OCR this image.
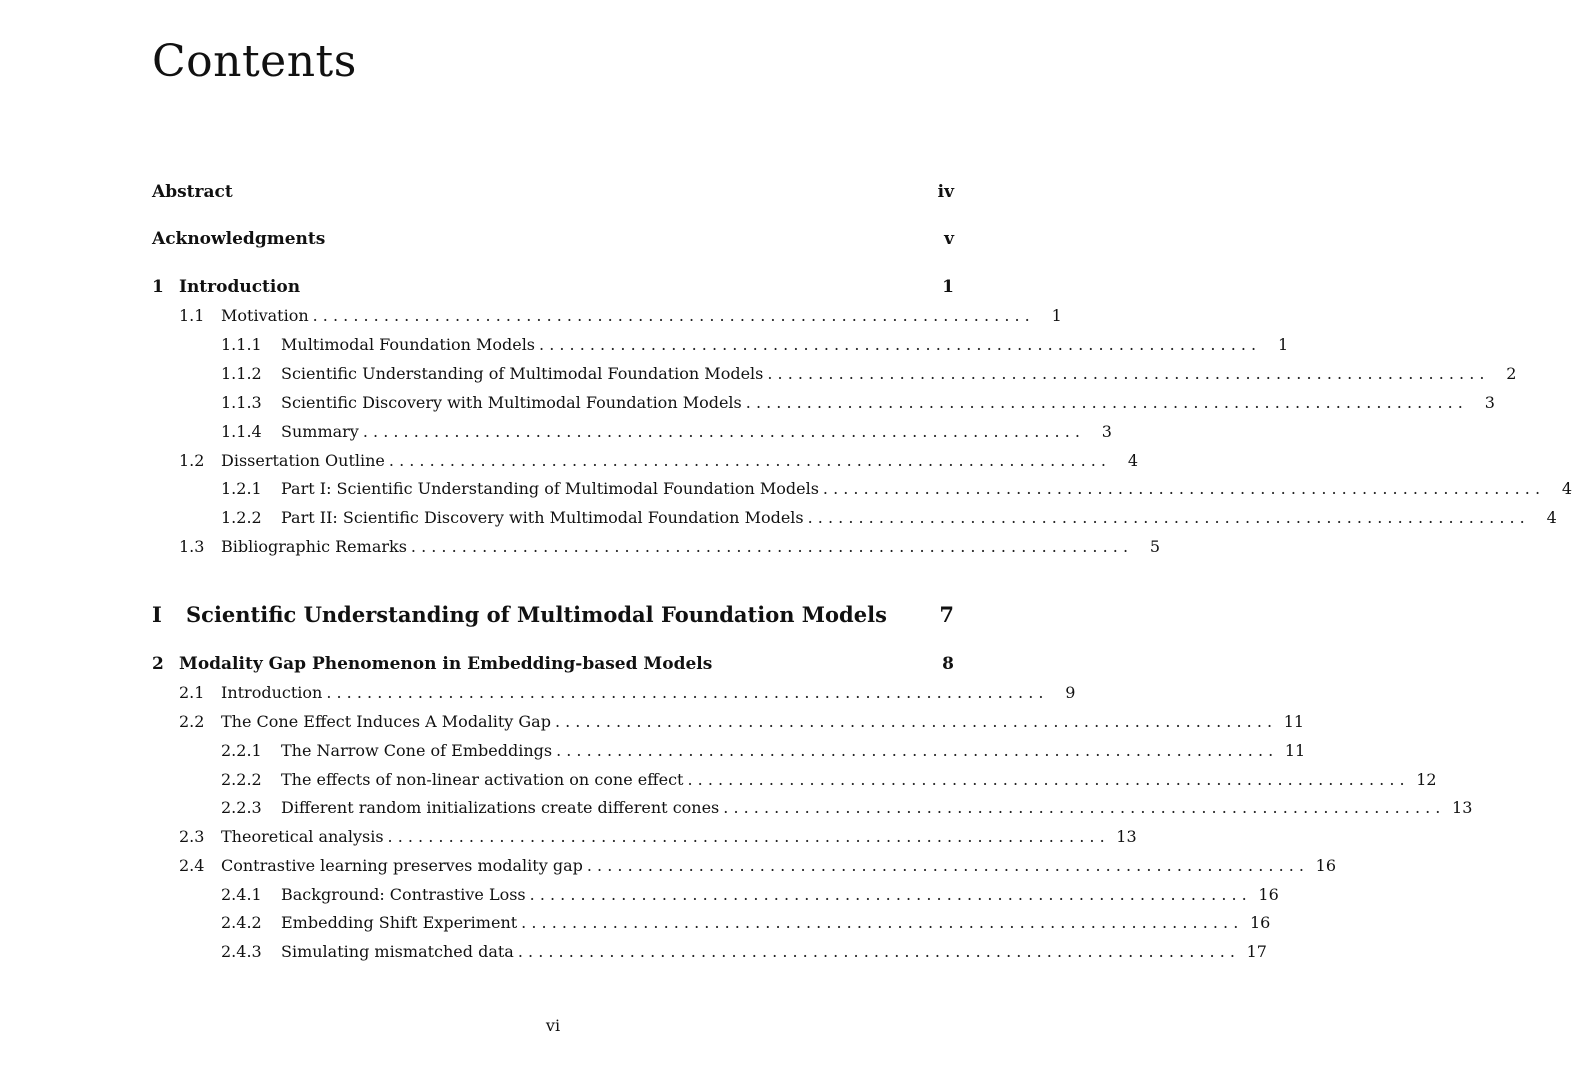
Contents
Abstract	iv
Acknowledgments	v
1 Introduction	1
1.1	Motivation . . . . . . . . . . . . . . . . . . . . . . . . . . . . . . . . . . . . . . . . . . . . . . . . . . . . . . . . . . . . . . . . . . . . . . .	1
1.1.1	Multimodal Foundation Models . . . . . . . . . . . . . . . . . . . . . . . . . . . . . . . . . . . . . . . . . . . . . . . . . . . . . . . . . . . . . . . . . . . . . . .	1
1.1.2	Scientific Understanding of Multimodal Foundation Models . . . . . . . . . . . . . . . . . . . . . . . . . . . . . . . . . . . . . . . . . . . . . . . . . . . . . . . . . . . . . . . . . . . . . . .	2
1.1.3	Scientific Discovery with Multimodal Foundation Models . . . . . . . . . . . . . . . . . . . . . . . . . . . . . . . . . . . . . . . . . . . . . . . . . . . . . . . . . . . . . . . . . . . . . . .	3
1.1.4	Summary . . . . . . . . . . . . . . . . . . . . . . . . . . . . . . . . . . . . . . . . . . . . . . . . . . . . . . . . . . . . . . . . . . . . . . .	3
1.2	Dissertation Outline . . . . . . . . . . . . . . . . . . . . . . . . . . . . . . . . . . . . . . . . . . . . . . . . . . . . . . . . . . . . . . . . . . . . . . .	4
1.2.1	Part I: Scientific Understanding of Multimodal Foundation Models . . . . . . . . . . . . . . . . . . . . . . . . . . . . . . . . . . . . . . . . . . . . . . . . . . . . . . . . . . . . . . . . . . . . . . .	4
1.2.2	Part II: Scientific Discovery with Multimodal Foundation Models . . . . . . . . . . . . . . . . . . . . . . . . . . . . . . . . . . . . . . . . . . . . . . . . . . . . . . . . . . . . . . . . . . . . . . .	4
1.3	Bibliographic Remarks . . . . . . . . . . . . . . . . . . . . . . . . . . . . . . . . . . . . . . . . . . . . . . . . . . . . . . . . . . . . . . . . . . . . . . .	5
I	Scientific Understanding of Multimodal Foundation Models	7
2 Modality Gap Phenomenon in Embedding-based Models	8
2.1	Introduction . . . . . . . . . . . . . . . . . . . . . . . . . . . . . . . . . . . . . . . . . . . . . . . . . . . . . . . . . . . . . . . . . . . . . . .	9
2.2	The Cone Effect Induces A Modality Gap . . . . . . . . . . . . . . . . . . . . . . . . . . . . . . . . . . . . . . . . . . . . . . . . . . . . . . . . . . . . . . . . . . . . . . . 11
2.2.1	The Narrow Cone of Embeddings . . . . . . . . . . . . . . . . . . . . . . . . . . . . . . . . . . . . . . . . . . . . . . . . . . . . . . . . . . . . . . . . . . . . . . . 11
2.2.2	The effects of non-linear activation on cone effect . . . . . . . . . . . . . . . . . . . . . . . . . . . . . . . . . . . . . . . . . . . . . . . . . . . . . . . . . . . . . . . . . . . . . . . 12
2.2.3	Different random initializations create different cones . . . . . . . . . . . . . . . . . . . . . . . . . . . . . . . . . . . . . . . . . . . . . . . . . . . . . . . . . . . . . . . . . . . . . . . 13
2.3	Theoretical analysis . . . . . . . . . . . . . . . . . . . . . . . . . . . . . . . . . . . . . . . . . . . . . . . . . . . . . . . . . . . . . . . . . . . . . . . 13
2.4	Contrastive learning preserves modality gap . . . . . . . . . . . . . . . . . . . . . . . . . . . . . . . . . . . . . . . . . . . . . . . . . . . . . . . . . . . . . . . . . . . . . . . 16
2.4.1	Background: Contrastive Loss . . . . . . . . . . . . . . . . . . . . . . . . . . . . . . . . . . . . . . . . . . . . . . . . . . . . . . . . . . . . . . . . . . . . . . . 16
2.4.2	Embedding Shift Experiment . . . . . . . . . . . . . . . . . . . . . . . . . . . . . . . . . . . . . . . . . . . . . . . . . . . . . . . . . . . . . . . . . . . . . . . 16
2.4.3	Simulating mismatched data . . . . . . . . . . . . . . . . . . . . . . . . . . . . . . . . . . . . . . . . . . . . . . . . . . . . . . . . . . . . . . . . . . . . . . . 17
vi
